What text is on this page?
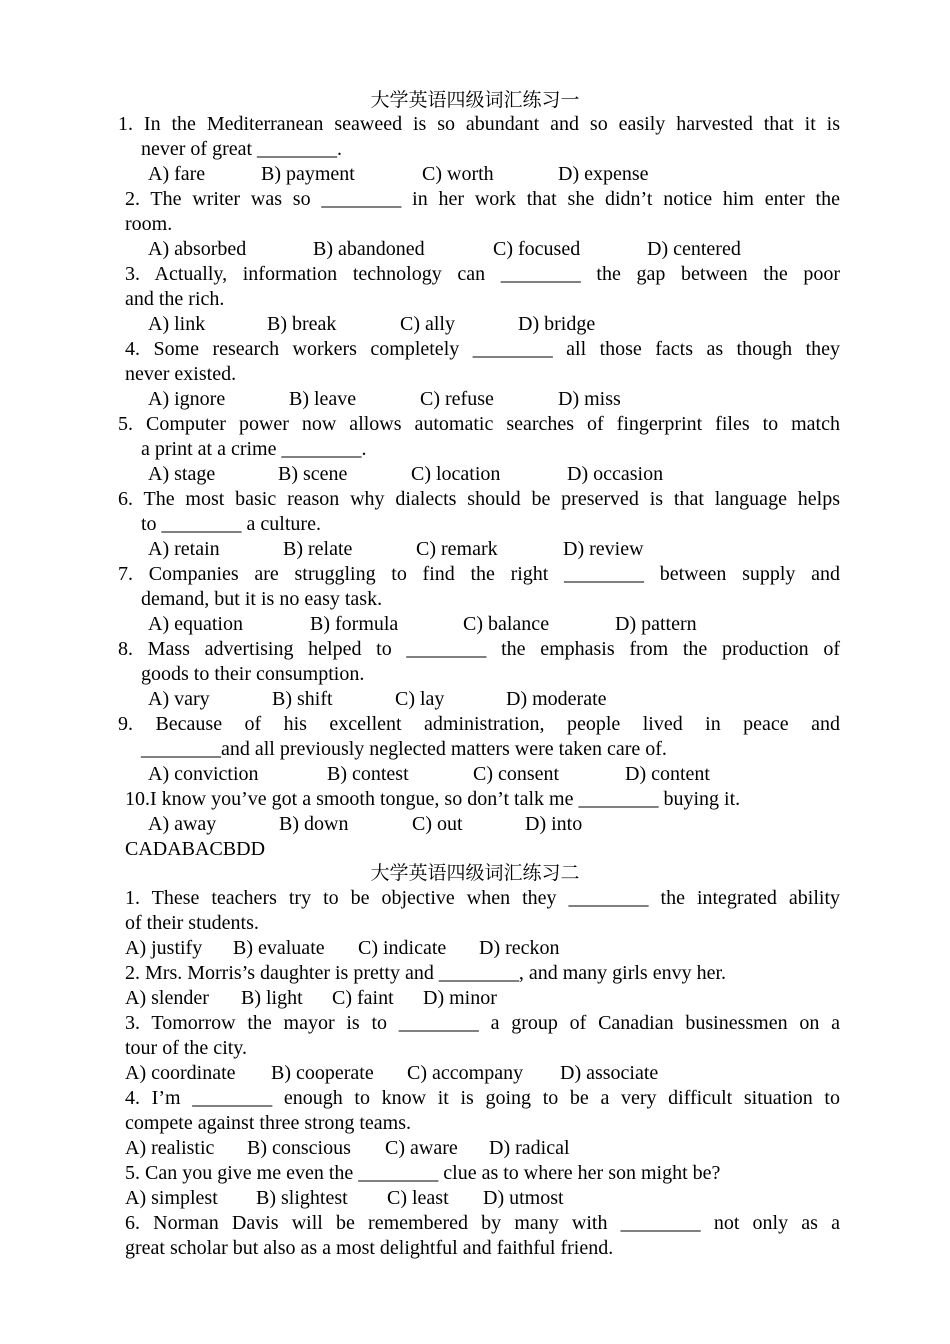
大学英语四级词汇练习一
1. In the Mediterranean seaweed is so abundant and so easily harvested that it is
never of great ________.
A) fare	B) payment	C) worth	D) expense
2. The writer was so ________ in her work that she didn’t notice him enter the
room.
A) absorbed	B) abandoned	C) focused	D) centered
3. Actually, information technology can ________ the gap between the poor
and the rich.
A) link	B) break	C) ally	D) bridge
4. Some research workers completely ________ all those facts as though they
never existed.
A) ignore	B) leave	C) refuse	D) miss
5. Computer power now allows automatic searches of fingerprint files to match
a print at a crime ________.
A) stage	B) scene	C) location	D) occasion
6. The most basic reason why dialects should be preserved is that language helps
to ________ a culture.
A) retain	B) relate	C) remark	D) review
7. Companies are struggling to find the right ________ between supply and
demand, but it is no easy task.
A) equation	B) formula	C) balance	D) pattern
8. Mass advertising helped to ________ the emphasis from the production of
goods to their consumption.
A) vary	B) shift	C) lay	D) moderate
9. Because of his excellent administration, people lived in peace and
________and all previously neglected matters were taken care of.
A) conviction	B) contest	C) consent	D) content
10.I know you’ve got a smooth tongue, so don’t talk me ________ buying it.
A) away	B) down	C) out	D) into
CADABACBDD
大学英语四级词汇练习二
1. These teachers try to be objective when they ________ the integrated ability
of their students.
A) justify B) evaluate C) indicate D) reckon
2. Mrs. Morris’s daughter is pretty and ________, and many girls envy her.
A) slender B) light C) faint D) minor
3. Tomorrow the mayor is to ________ a group of Canadian businessmen on a
tour of the city.
A) coordinate B) cooperate C) accompany D) associate
4. I’m ________ enough to know it is going to be a very difficult situation to
compete against three strong teams.
A) realistic B) conscious C) aware D) radical
5. Can you give me even the ________ clue as to where her son might be?
A) simplest B) slightest C) least D) utmost
6. Norman Davis will be remembered by many with ________ not only as a
great scholar but also as a most delightful and faithful friend.
